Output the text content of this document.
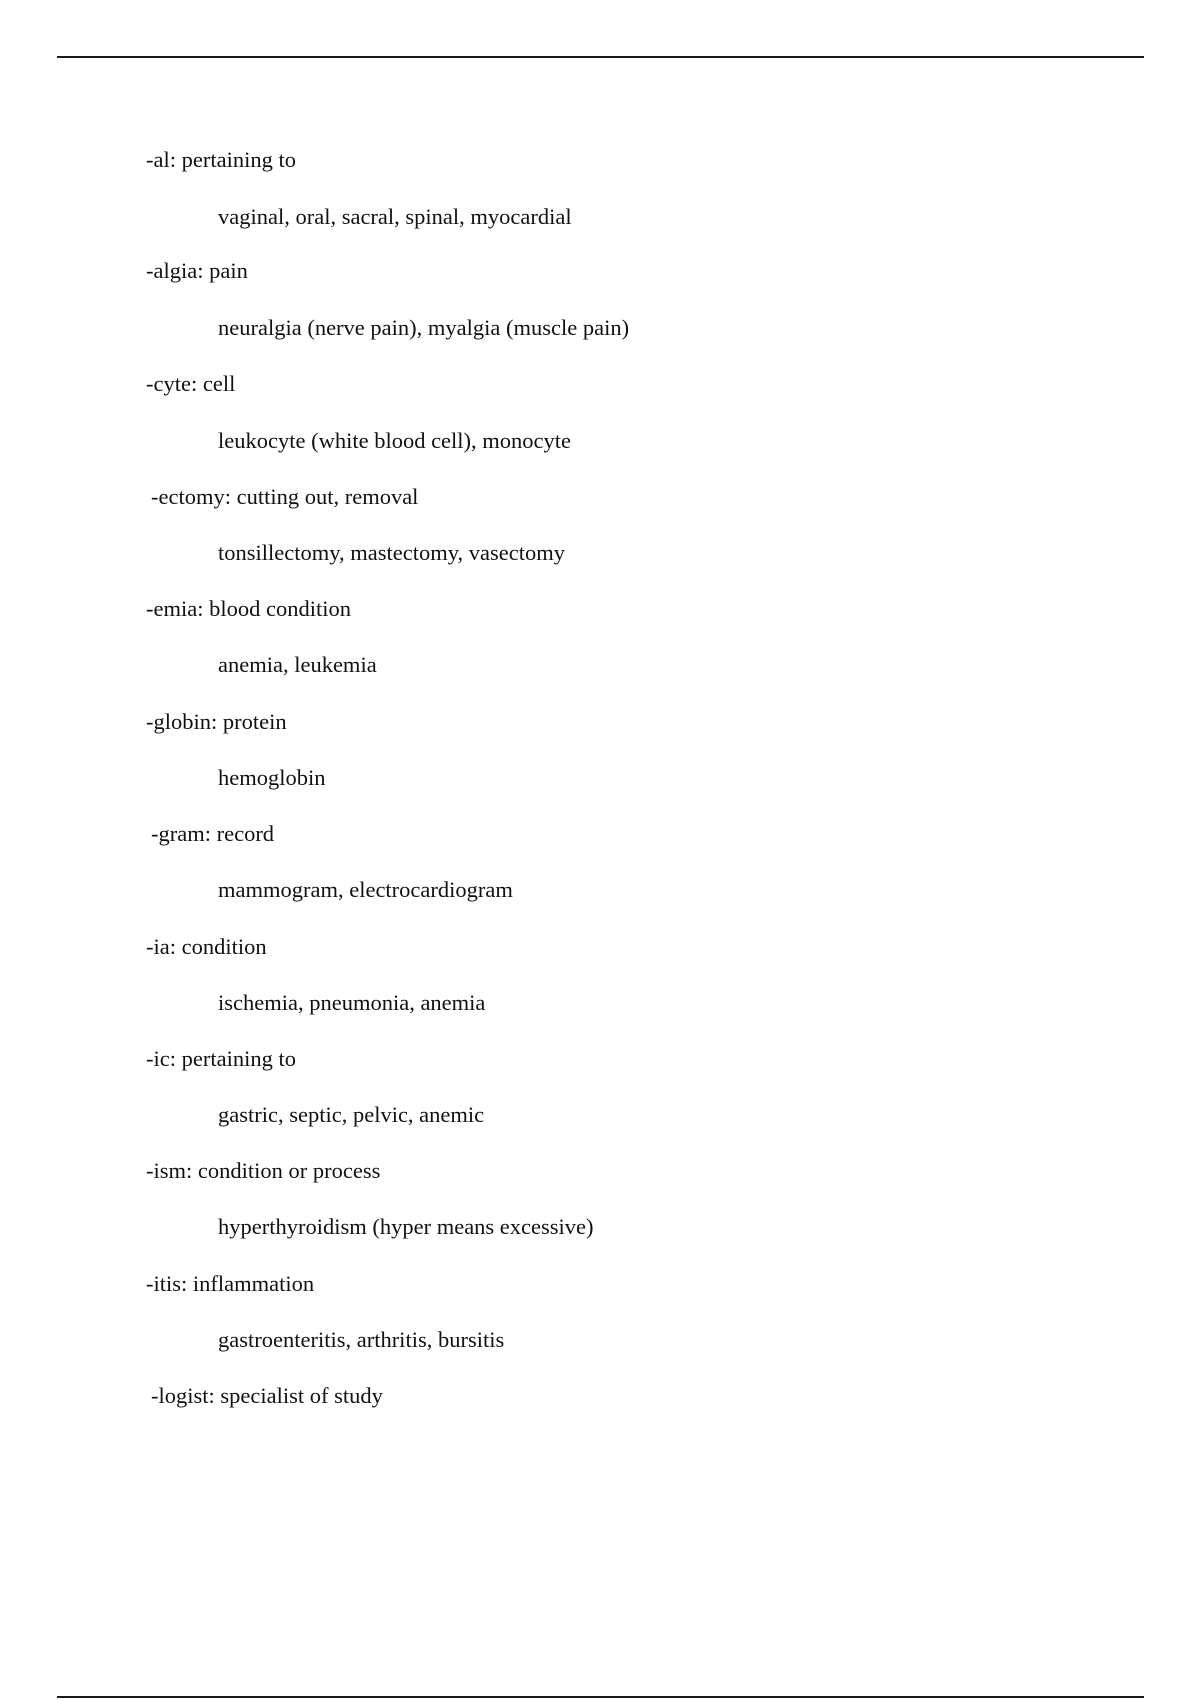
-al: pertaining to
vaginal, oral, sacral, spinal, myocardial
-algia: pain
neuralgia (nerve pain), myalgia (muscle pain)
-cyte: cell
leukocyte (white blood cell), monocyte
-ectomy: cutting out, removal
tonsillectomy, mastectomy, vasectomy
-emia: blood condition
anemia, leukemia
-globin: protein
hemoglobin
-gram: record
mammogram, electrocardiogram
-ia: condition
ischemia, pneumonia, anemia
-ic: pertaining to
gastric, septic, pelvic, anemic
-ism: condition or process
hyperthyroidism (hyper means excessive)
-itis: inflammation
gastroenteritis, arthritis, bursitis
-logist: specialist of study
